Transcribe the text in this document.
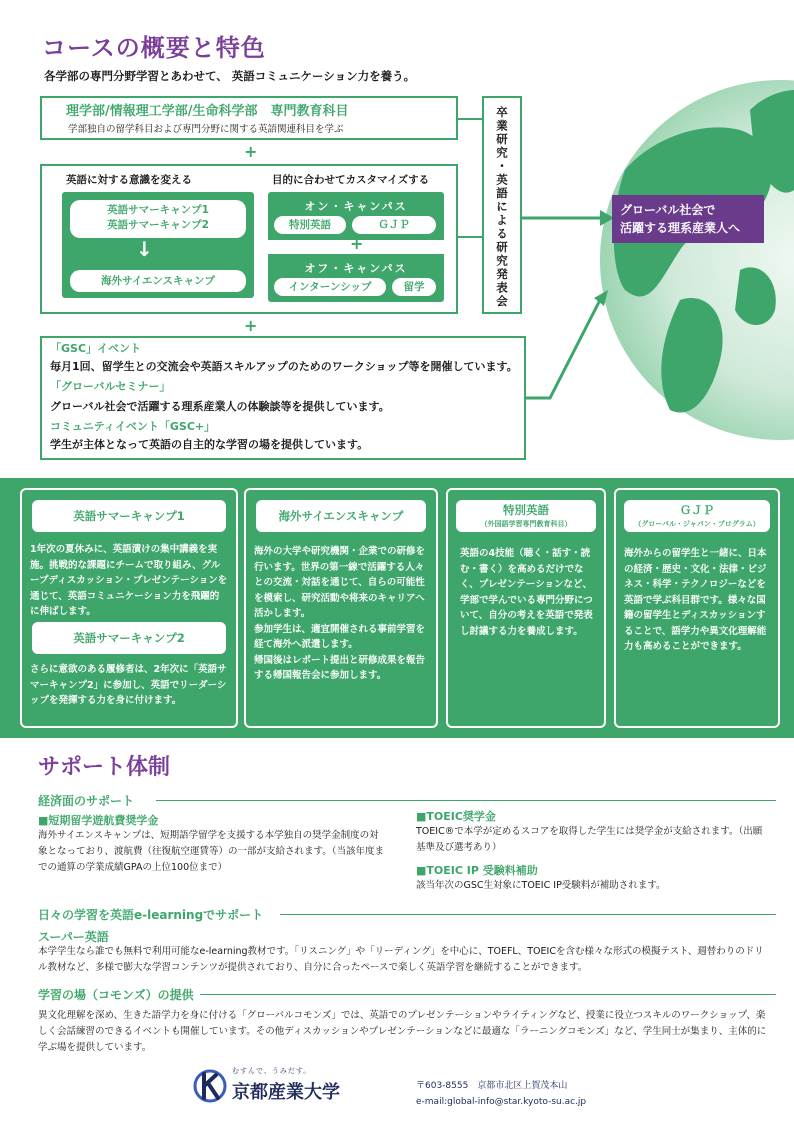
コースの概要と特色
各学部の専門分野学習とあわせて、 英語コミュニケーション力を養う。
理学部/情報理工学部/生命科学部　専門教育科目
学部独自の留学科目および専門分野に関する英語関連科目を学ぶ
+
英語に対する意識を変える	目的に合わせてカスタマイズする
英語サマーキャンプ1
英語サマーキャンプ2
↓
海外サイエンスキャンプ
オン・キャンパス
特別英語	ＧＪＰ
+
オフ・キャンパス
インターンシップ	留学	卒業研究・英語による研究発表会
+
グローバル社会で
活躍する理系産業人へ
「GSC」イベント
毎月1回、留学生との交流会や英語スキルアップのためのワークショップ等を開催しています。
「グローバルセミナー」
グローバル社会で活躍する理系産業人の体験談等を提供しています。
コミュニティイベント「GSC+」
学生が主体となって英語の自主的な学習の場を提供しています。
英語サマーキャンプ1
1年次の夏休みに、英語漬けの集中講義を実施。挑戦的な課題にチームで取り組み、グループディスカッション・プレゼンテーションを通じて、英語コミュニケーション力を飛躍的に伸ばします。
英語サマーキャンプ2
さらに意欲のある履修者は、2年次に「英語サマーキャンプ2」に参加し、英語でリーダーシップを発揮する力を身に付けます。
海外サイエンスキャンプ
海外の大学や研究機関・企業での研修を行います。世界の第一線で活躍する人々との交流・対話を通じて、自らの可能性を模索し、研究活動や将来のキャリアへ活かします。
参加学生は、適宜開催される事前学習を経て海外へ派遣します。
帰国後はレポート提出と研修成果を報告する帰国報告会に参加します。
特別英語
（外国語学習専門教育科目）
英語の4技能（聴く・話す・読む・書く）を高めるだけでなく、プレゼンテーションなど、学部で学んでいる専門分野について、自分の考えを英語で発表し討議する力を養成します。
ＧＪＰ
（グローバル・ジャパン・プログラム）
海外からの留学生と一緒に、日本の経済・歴史・文化・法律・ビジネス・科学・テクノロジーなどを英語で学ぶ科目群です。様々な国籍の留学生とディスカッションすることで、語学力や異文化理解能力も高めることができます。
サポート体制
経済面のサポート
■短期留学遊航費奨学金
海外サイエンスキャンプは、短期語学留学を支援する本学独自の奨学金制度の対象となっており、渡航費（往復航空運賃等）の一部が支給されます。（当該年度までの通算の学業成績GPAの上位100位まで）
■TOEIC奨学金
TOEIC®で本学が定めるスコアを取得した学生には奨学金が支給されます。（出願基準及び選考あり）
■TOEIC IP 受験料補助
該当年次のGSC生対象にTOEIC IP受験料が補助されます。
日々の学習を英語e-learningでサポート
スーパー英語
本学学生なら誰でも無料で利用可能なe-learning教材です。「リスニング」や「リーディング」を中心に、TOEFL、TOEICを含む様々な形式の模擬テスト、週替わりのドリル教材など、多様で膨大な学習コンテンツが提供されており、自分に合ったペースで楽しく英語学習を継続することができます。
学習の場（コモンズ）の提供
異文化理解を深め、生きた語学力を身に付ける「グローバルコモンズ」では、英語でのプレゼンテーションやライティングなど、授業に役立つスキルのワークショップ、楽しく会話練習のできるイベントも開催しています。その他ディスカッションやプレゼンテーションなどに最適な「ラーニングコモンズ」など、学生同士が集まり、主体的に学ぶ場を提供しています。
むすんで、うみだす。
京都産業大学	〒603-8555　京都市北区上賀茂本山
e-mail:global-info@star.kyoto-su.ac.jp
